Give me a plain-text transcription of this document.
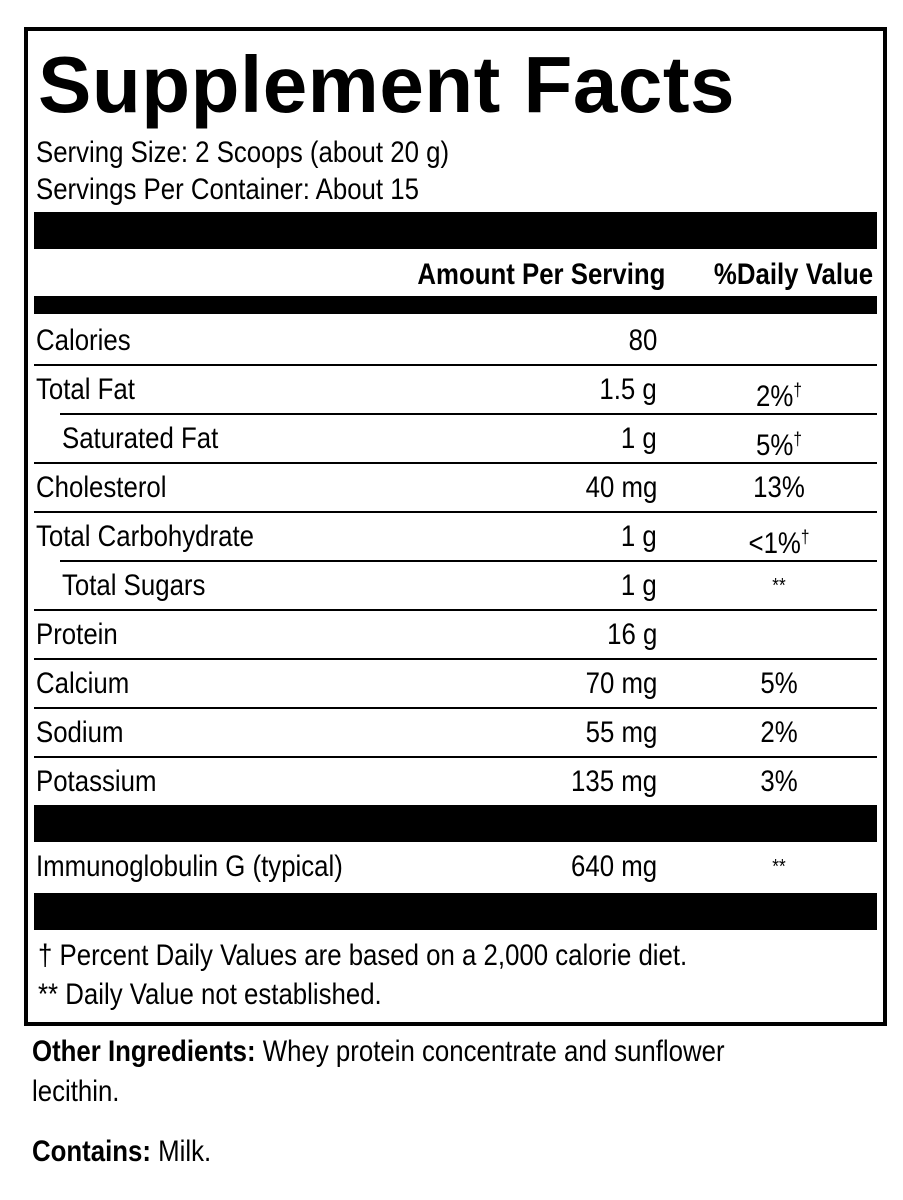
Supplement Facts
Serving Size: 2 Scoops (about 20 g)
Servings Per Container: About 15
Amount Per Serving %Daily Value
Calories	80
Total Fat	1.5 g	2%†
Saturated Fat	1 g	5%†
Cholesterol	40 mg	13%
Total Carbohydrate	1 g	<1%†
Total Sugars	1 g	**
Protein	16 g
Calcium	70 mg	5%
Sodium	55 mg	2%
Potassium	135 mg	3%
Immunoglobulin G (typical)	640 mg	**
† Percent Daily Values are based on a 2,000 calorie diet.
** Daily Value not established.
Other Ingredients: Whey protein concentrate and sunflower lecithin.
Contains: Milk.
